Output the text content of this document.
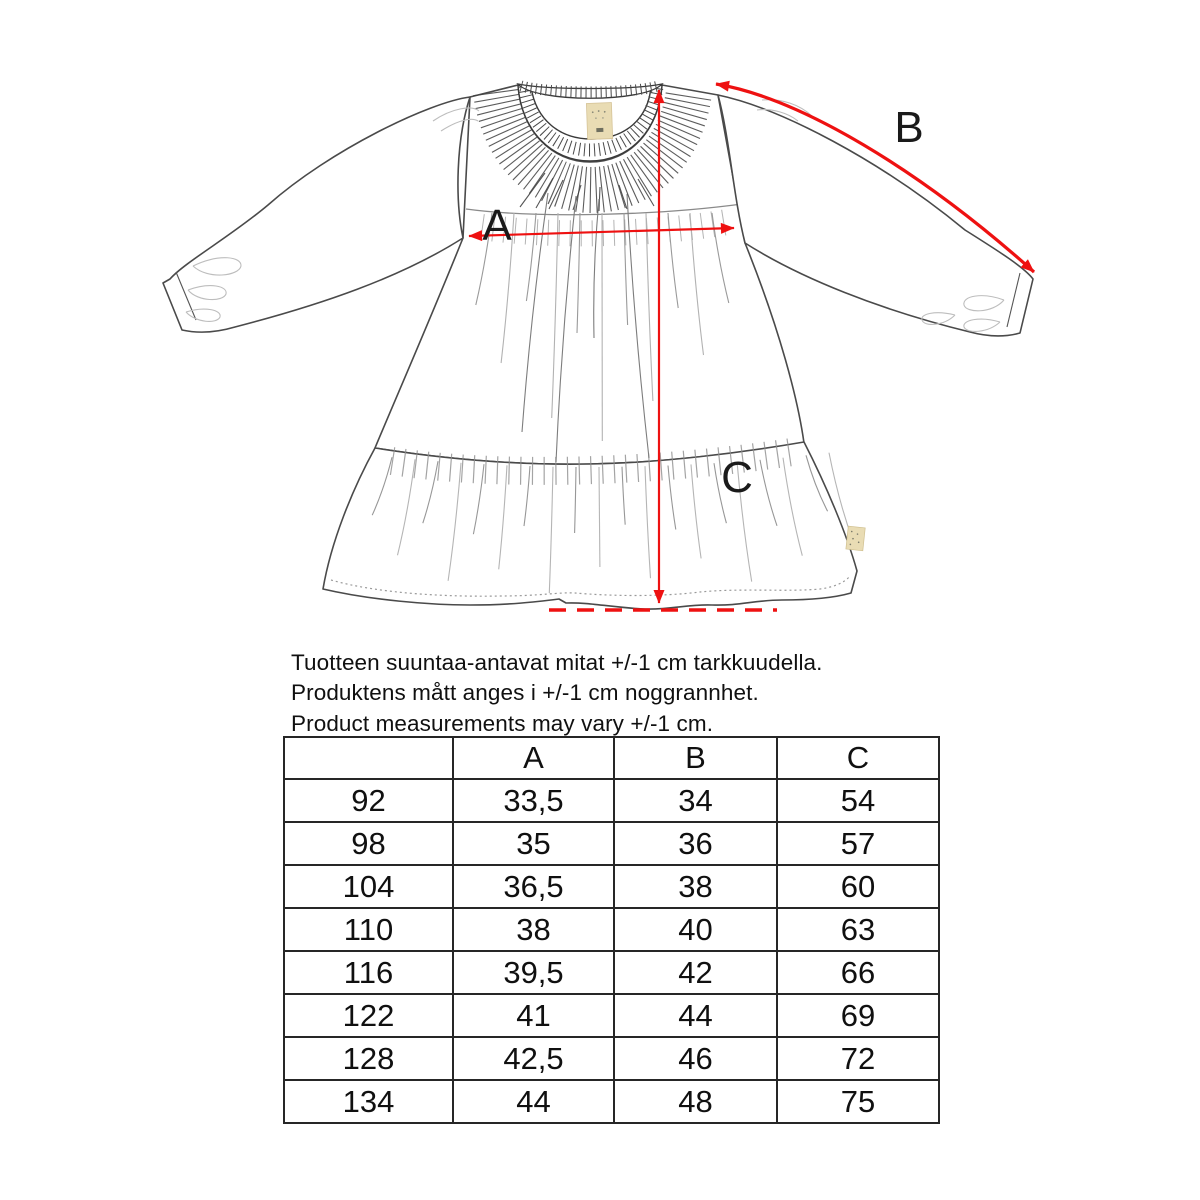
A
B
C
Tuotteen suuntaa-antavat mitat +/-1 cm tarkkuudella.
Produktens mått anges i +/-1 cm noggrannhet.
Product measurements may vary +/-1 cm.
	A	B	C
92	33,5	34	54
98	35	36	57
104	36,5	38	60
110	38	40	63
116	39,5	42	66
122	41	44	69
128	42,5	46	72
134	44	48	75
